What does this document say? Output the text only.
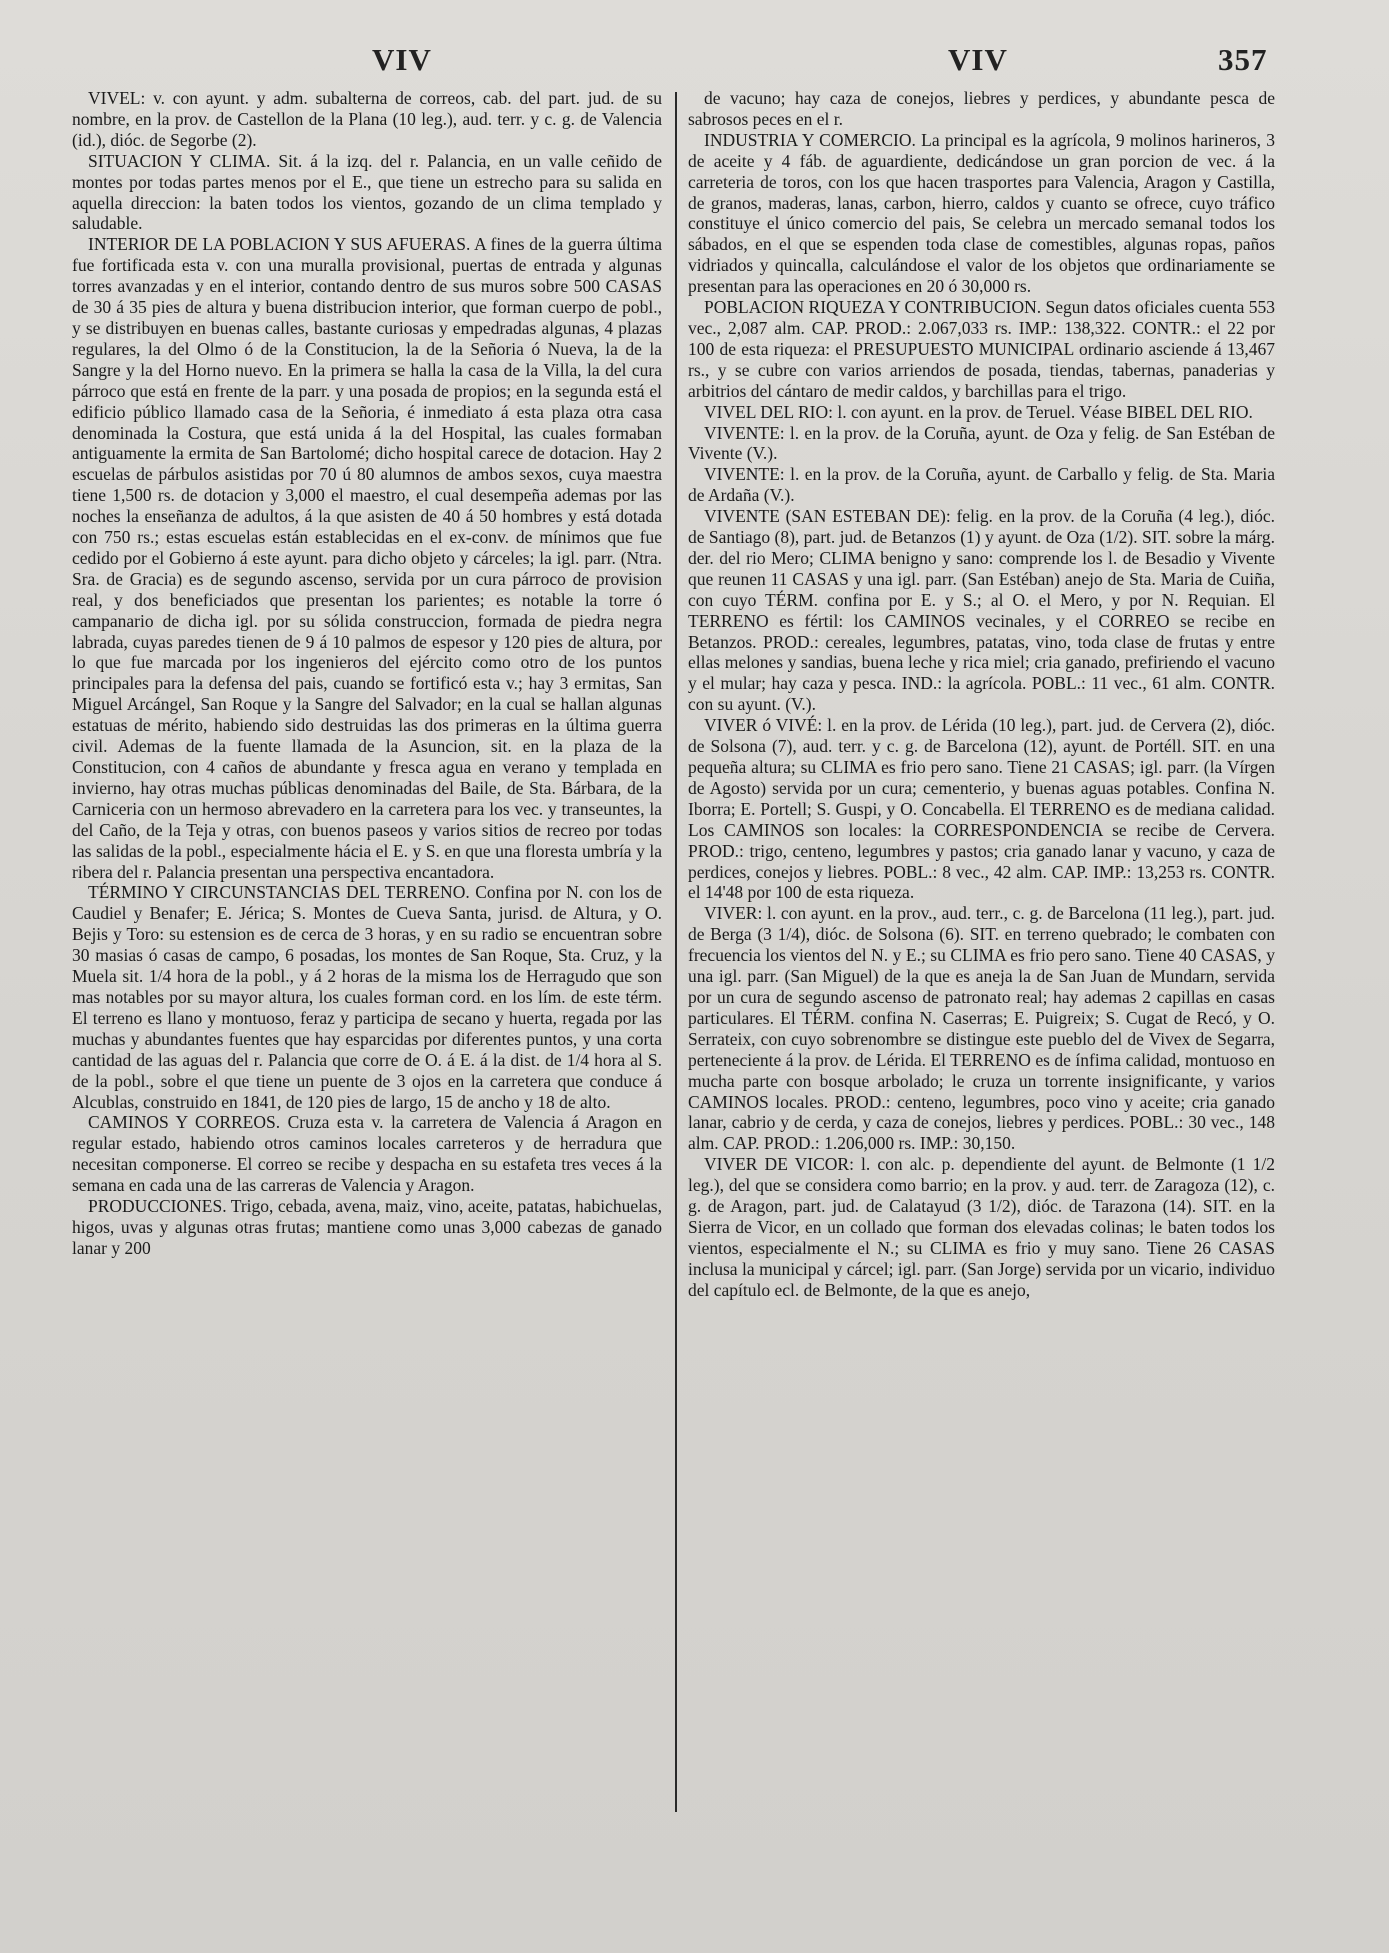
VIV	VIV	357

VIVEL: v. con ayunt. y adm. subalterna de correos, cab. del part. jud. de su nombre, en la prov. de Castellon de la Plana (10 leg.), aud. terr. y c. g. de Valencia (id.), dióc. de Segorbe (2).

SITUACION Y CLIMA. Sit. á la izq. del r. Palancia, en un valle ceñido de montes por todas partes menos por el E., que tiene un estrecho para su salida en aquella direccion: la baten todos los vientos, gozando de un clima templado y saludable.

INTERIOR DE LA POBLACION Y SUS AFUERAS. A fines de la guerra última fue fortificada esta v. con una muralla provisional, puertas de entrada y algunas torres avanzadas y en el interior, contando dentro de sus muros sobre 500 CASAS de 30 á 35 pies de altura y buena distribucion interior, que forman cuerpo de pobl., y se distribuyen en buenas calles, bastante curiosas y empedradas algunas, 4 plazas regulares, la del Olmo ó de la Constitucion, la de la Señoria ó Nueva, la de la Sangre y la del Horno nuevo. En la primera se halla la casa de la Villa, la del cura párroco que está en frente de la parr. y una posada de propios; en la segunda está el edificio público llamado casa de la Señoria, é inmediato á esta plaza otra casa denominada la Costura, que está unida á la del Hospital, las cuales formaban antiguamente la ermita de San Bartolomé; dicho hospital carece de dotacion. Hay 2 escuelas de párbulos asistidas por 70 ú 80 alumnos de ambos sexos, cuya maestra tiene 1,500 rs. de dotacion y 3,000 el maestro, el cual desempeña ademas por las noches la enseñanza de adultos, á la que asisten de 40 á 50 hombres y está dotada con 750 rs.; estas escuelas están establecidas en el ex-conv. de mínimos que fue cedido por el Gobierno á este ayunt. para dicho objeto y cárceles; la igl. parr. (Ntra. Sra. de Gracia) es de segundo ascenso, servida por un cura párroco de provision real, y dos beneficiados que presentan los parientes; es notable la torre ó campanario de dicha igl. por su sólida construccion, formada de piedra negra labrada, cuyas paredes tienen de 9 á 10 palmos de espesor y 120 pies de altura, por lo que fue marcada por los ingenieros del ejército como otro de los puntos principales para la defensa del pais, cuando se fortificó esta v.; hay 3 ermitas, San Miguel Arcángel, San Roque y la Sangre del Salvador; en la cual se hallan algunas estatuas de mérito, habiendo sido destruidas las dos primeras en la última guerra civil. Ademas de la fuente llamada de la Asuncion, sit. en la plaza de la Constitucion, con 4 caños de abundante y fresca agua en verano y templada en invierno, hay otras muchas públicas denominadas del Baile, de Sta. Bárbara, de la Carniceria con un hermoso abrevadero en la carretera para los vec. y transeuntes, la del Caño, de la Teja y otras, con buenos paseos y varios sitios de recreo por todas las salidas de la pobl., especialmente hácia el E. y S. en que una floresta umbría y la ribera del r. Palancia presentan una perspectiva encantadora.

TÉRMINO Y CIRCUNSTANCIAS DEL TERRENO. Confina por N. con los de Caudiel y Benafer; E. Jérica; S. Montes de Cueva Santa, jurisd. de Altura, y O. Bejis y Toro: su estension es de cerca de 3 horas, y en su radio se encuentran sobre 30 masias ó casas de campo, 6 posadas, los montes de San Roque, Sta. Cruz, y la Muela sit. 1/4 hora de la pobl., y á 2 horas de la misma los de Herragudo que son mas notables por su mayor altura, los cuales forman cord. en los lím. de este térm. El terreno es llano y montuoso, feraz y participa de secano y huerta, regada por las muchas y abundantes fuentes que hay esparcidas por diferentes puntos, y una corta cantidad de las aguas del r. Palancia que corre de O. á E. á la dist. de 1/4 hora al S. de la pobl., sobre el que tiene un puente de 3 ojos en la carretera que conduce á Alcublas, construido en 1841, de 120 pies de largo, 15 de ancho y 18 de alto.

CAMINOS Y CORREOS. Cruza esta v. la carretera de Valencia á Aragon en regular estado, habiendo otros caminos locales carreteros y de herradura que necesitan componerse. El correo se recibe y despacha en su estafeta tres veces á la semana en cada una de las carreras de Valencia y Aragon.

PRODUCCIONES. Trigo, cebada, avena, maiz, vino, aceite, patatas, habichuelas, higos, uvas y algunas otras frutas; mantiene como unas 3,000 cabezas de ganado lanar y 200

de vacuno; hay caza de conejos, liebres y perdices, y abundante pesca de sabrosos peces en el r.

INDUSTRIA Y COMERCIO. La principal es la agrícola, 9 molinos harineros, 3 de aceite y 4 fáb. de aguardiente, dedicándose un gran porcion de vec. á la carreteria de toros, con los que hacen trasportes para Valencia, Aragon y Castilla, de granos, maderas, lanas, carbon, hierro, caldos y cuanto se ofrece, cuyo tráfico constituye el único comercio del pais, Se celebra un mercado semanal todos los sábados, en el que se espenden toda clase de comestibles, algunas ropas, paños vidriados y quincalla, calculándose el valor de los objetos que ordinariamente se presentan para las operaciones en 20 ó 30,000 rs.

POBLACION RIQUEZA Y CONTRIBUCION. Segun datos oficiales cuenta 553 vec., 2,087 alm. CAP. PROD.: 2.067,033 rs. IMP.: 138,322. CONTR.: el 22 por 100 de esta riqueza: el PRESUPUESTO MUNICIPAL ordinario asciende á 13,467 rs., y se cubre con varios arriendos de posada, tiendas, tabernas, panaderias y arbitrios del cántaro de medir caldos, y barchillas para el trigo.

VIVEL DEL RIO: l. con ayunt. en la prov. de Teruel. Véase BIBEL DEL RIO.

VIVENTE: l. en la prov. de la Coruña, ayunt. de Oza y felig. de San Estéban de Vivente (V.).

VIVENTE: l. en la prov. de la Coruña, ayunt. de Carballo y felig. de Sta. Maria de Ardaña (V.).

VIVENTE (SAN ESTEBAN DE): felig. en la prov. de la Coruña (4 leg.), dióc. de Santiago (8), part. jud. de Betanzos (1) y ayunt. de Oza (1/2). SIT. sobre la márg. der. del rio Mero; CLIMA benigno y sano: comprende los l. de Besadio y Vivente que reunen 11 CASAS y una igl. parr. (San Estéban) anejo de Sta. Maria de Cuiña, con cuyo TÉRM. confina por E. y S.; al O. el Mero, y por N. Requian. El TERRENO es fértil: los CAMINOS vecinales, y el CORREO se recibe en Betanzos. PROD.: cereales, legumbres, patatas, vino, toda clase de frutas y entre ellas melones y sandias, buena leche y rica miel; cria ganado, prefiriendo el vacuno y el mular; hay caza y pesca. IND.: la agrícola. POBL.: 11 vec., 61 alm. CONTR. con su ayunt. (V.).

VIVER ó VIVÉ: l. en la prov. de Lérida (10 leg.), part. jud. de Cervera (2), dióc. de Solsona (7), aud. terr. y c. g. de Barcelona (12), ayunt. de Portéll. SIT. en una pequeña altura; su CLIMA es frio pero sano. Tiene 21 CASAS; igl. parr. (la Vírgen de Agosto) servida por un cura; cementerio, y buenas aguas potables. Confina N. Iborra; E. Portell; S. Guspi, y O. Concabella. El TERRENO es de mediana calidad. Los CAMINOS son locales: la CORRESPONDENCIA se recibe de Cervera. PROD.: trigo, centeno, legumbres y pastos; cria ganado lanar y vacuno, y caza de perdices, conejos y liebres. POBL.: 8 vec., 42 alm. CAP. IMP.: 13,253 rs. CONTR. el 14'48 por 100 de esta riqueza.

VIVER: l. con ayunt. en la prov., aud. terr., c. g. de Barcelona (11 leg.), part. jud. de Berga (3 1/4), dióc. de Solsona (6). SIT. en terreno quebrado; le combaten con frecuencia los vientos del N. y E.; su CLIMA es frio pero sano. Tiene 40 CASAS, y una igl. parr. (San Miguel) de la que es aneja la de San Juan de Mundarn, servida por un cura de segundo ascenso de patronato real; hay ademas 2 capillas en casas particulares. El TÉRM. confina N. Caserras; E. Puigreix; S. Cugat de Recó, y O. Serrateix, con cuyo sobrenombre se distingue este pueblo del de Vivex de Segarra, perteneciente á la prov. de Lérida. El TERRENO es de ínfima calidad, montuoso en mucha parte con bosque arbolado; le cruza un torrente insignificante, y varios CAMINOS locales. PROD.: centeno, legumbres, poco vino y aceite; cria ganado lanar, cabrio y de cerda, y caza de conejos, liebres y perdices. POBL.: 30 vec., 148 alm. CAP. PROD.: 1.206,000 rs. IMP.: 30,150.

VIVER DE VICOR: l. con alc. p. dependiente del ayunt. de Belmonte (1 1/2 leg.), del que se considera como barrio; en la prov. y aud. terr. de Zaragoza (12), c. g. de Aragon, part. jud. de Calatayud (3 1/2), dióc. de Tarazona (14). SIT. en la Sierra de Vicor, en un collado que forman dos elevadas colinas; le baten todos los vientos, especialmente el N.; su CLIMA es frio y muy sano. Tiene 26 CASAS inclusa la municipal y cárcel; igl. parr. (San Jorge) servida por un vicario, individuo del capítulo ecl. de Belmonte, de la que es anejo,
